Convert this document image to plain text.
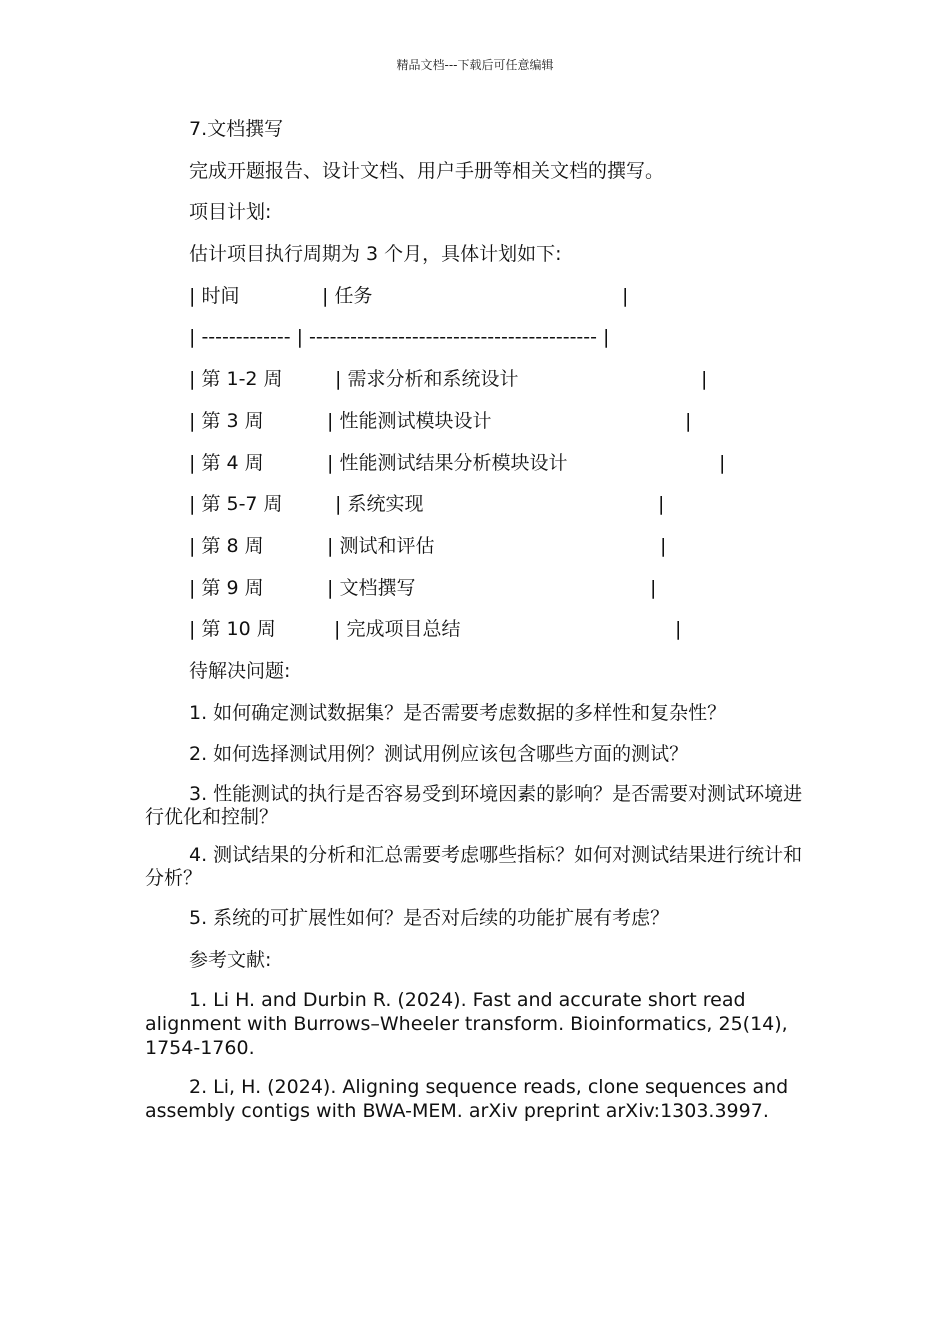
精品文档---下载后可任意编辑

7.文档撰写

完成开题报告、设计文档、用户手册等相关文档的撰写。

项目计划:

估计项目执行周期为 3 个月，具体计划如下:

| 时间	| 任务	|

| ------------- | ------------------------------------------ |

| 第 1-2 周	| 需求分析和系统设计	|

| 第 3 周	| 性能测试模块设计	|

| 第 4 周	| 性能测试结果分析模块设计	|

| 第 5-7 周	| 系统实现	|

| 第 8 周	| 测试和评估	|

| 第 9 周	| 文档撰写	|

| 第 10 周	| 完成项目总结	|

待解决问题:

1. 如何确定测试数据集？是否需要考虑数据的多样性和复杂性？

2. 如何选择测试用例？测试用例应该包含哪些方面的测试？

3. 性能测试的执行是否容易受到环境因素的影响？是否需要对测试环境进行优化和控制？

4. 测试结果的分析和汇总需要考虑哪些指标？如何对测试结果进行统计和分析？

5. 系统的可扩展性如何？是否对后续的功能扩展有考虑？

参考文献:

1. Li H. and Durbin R. (2024). Fast and accurate short read alignment with Burrows–Wheeler transform. Bioinformatics, 25(14), 1754-1760.

2. Li, H. (2024). Aligning sequence reads, clone sequences and assembly contigs with BWA-MEM. arXiv preprint arXiv:1303.3997.
